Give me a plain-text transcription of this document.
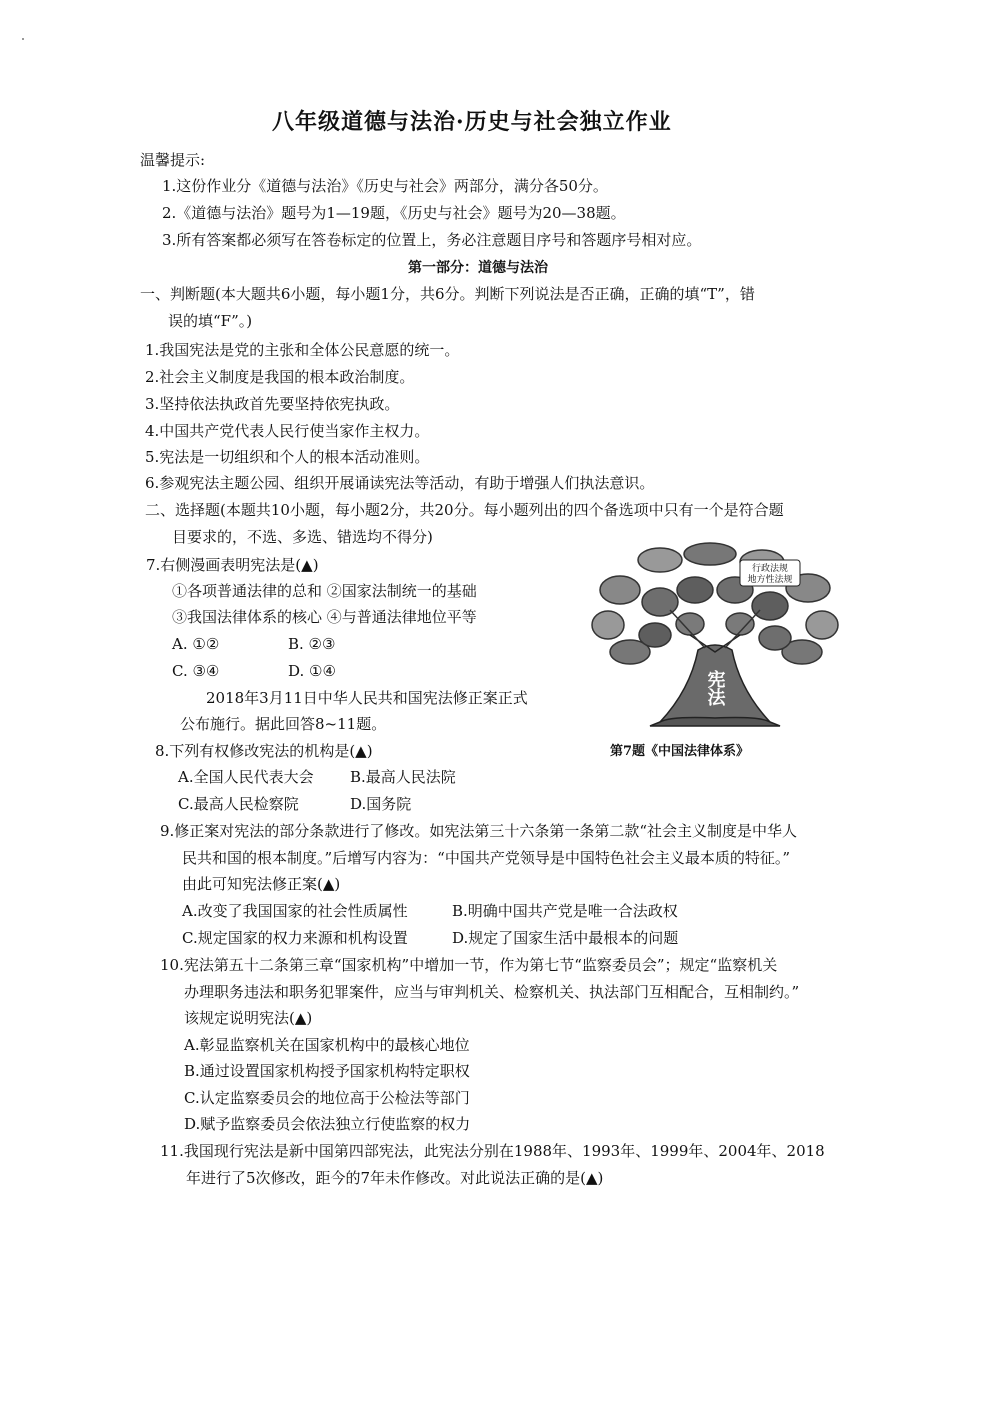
八年级道德与法治·历史与社会独立作业
温馨提示:
1.这份作业分《道德与法治》《历史与社会》两部分，满分各50分。
2.《道德与法治》题号为1—19题，《历史与社会》题号为20—38题。
3.所有答案都必须写在答卷标定的位置上，务必注意题目序号和答题序号相对应。
第一部分：道德与法治
一、判断题(本大题共6小题，每小题1分，共6分。判断下列说法是否正确，正确的填“T”，错
误的填“F”。)
1.我国宪法是党的主张和全体公民意愿的统一。
2.社会主义制度是我国的根本政治制度。
3.坚持依法执政首先要坚持依宪执政。
4.中国共产党代表人民行使当家作主权力。
5.宪法是一切组织和个人的根本活动准则。
6.参观宪法主题公园、组织开展诵读宪法等活动，有助于增强人们执法意识。
二、选择题(本题共10小题，每小题2分，共20分。每小题列出的四个备选项中只有一个是符合题
目要求的，不选、多选、错选均不得分)
7.右侧漫画表明宪法是(▲)
①各项普通法律的总和 ②国家法制统一的基础
③我国法律体系的核心 ④与普通法律地位平等
A. ①②	B. ②③
C. ③④	D. ①④
2018年3月11日中华人民共和国宪法修正案正式
公布施行。据此回答8~11题。
行政法规
地方性法规
宪法
第7题《中国法律体系》
8.下列有权修改宪法的机构是(▲)
A.全国人民代表大会 B.最高人民法院
C.最高人民检察院	D.国务院
9.修正案对宪法的部分条款进行了修改。如宪法第三十六条第一条第二款“社会主义制度是中华人
民共和国的根本制度。”后增写内容为：“中国共产党领导是中国特色社会主义最本质的特征。”
由此可知宪法修正案(▲)
A.改变了我国国家的社会性质属性	B.明确中国共产党是唯一合法政权
C.规定国家的权力来源和机构设置	D.规定了国家生活中最根本的问题
10.宪法第五十二条第三章“国家机构”中增加一节，作为第七节“监察委员会”；规定“监察机关
办理职务违法和职务犯罪案件，应当与审判机关、检察机关、执法部门互相配合，互相制约。”
该规定说明宪法(▲)
A.彰显监察机关在国家机构中的最核心地位
B.通过设置国家机构授予国家机构特定职权
C.认定监察委员会的地位高于公检法等部门
D.赋予监察委员会依法独立行使监察的权力
11.我国现行宪法是新中国第四部宪法，此宪法分别在1988年、1993年、1999年、2004年、2018
年进行了5次修改，距今的7年未作修改。对此说法正确的是(▲)
